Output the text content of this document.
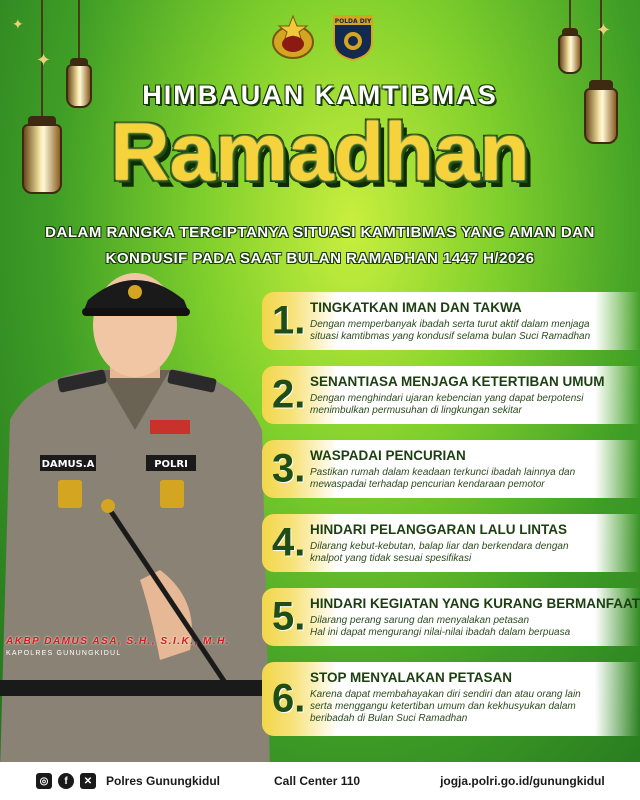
✦
✦	✦
POLDA DIY
HIMBAUAN KAMTIBMAS
Ramadhan
DALAM RANGKA TERCIPTANYA SITUASI KAMTIBMAS YANG AMAN DAN
KONDUSIF PADA SAAT BULAN RAMADHAN 1447 H/2026
DAMUS.A	POLRI
AKBP DAMUS ASA, S.H., S.I.K., M.H.
KAPOLRES GUNUNGKIDUL
1. TINGKATKAN IMAN DAN TAKWA
Dengan memperbanyak ibadah serta turut aktif dalam menjaga
situasi kamtibmas yang kondusif selama bulan Suci Ramadhan
2. SENANTIASA MENJAGA KETERTIBAN UMUM
Dengan menghindari ujaran kebencian yang dapat berpotensi
menimbulkan permusuhan di lingkungan sekitar
3. WASPADAI PENCURIAN
Pastikan rumah dalam keadaan terkunci ibadah lainnya dan
mewaspadai terhadap pencurian kendaraan pemotor
4. HINDARI PELANGGARAN LALU LINTAS
Dilarang kebut-kebutan, balap liar dan berkendara dengan
knalpot yang tidak sesuai spesifikasi
5. HINDARI KEGIATAN YANG KURANG BERMANFAAT
Dilarang perang sarung dan menyalakan petasan
Hal ini dapat mengurangi nilai-nilai ibadah dalam berpuasa
6. STOP MENYALAKAN PETASAN
Karena dapat membahayakan diri sendiri dan atau orang lain
serta menggangu ketertiban umum dan kekhusyukan dalam
beribadah di Bulan Suci Ramadhan
◎	f	✕	Polres Gunungkidul	Call Center 110	jogja.polri.go.id/gunungkidul
